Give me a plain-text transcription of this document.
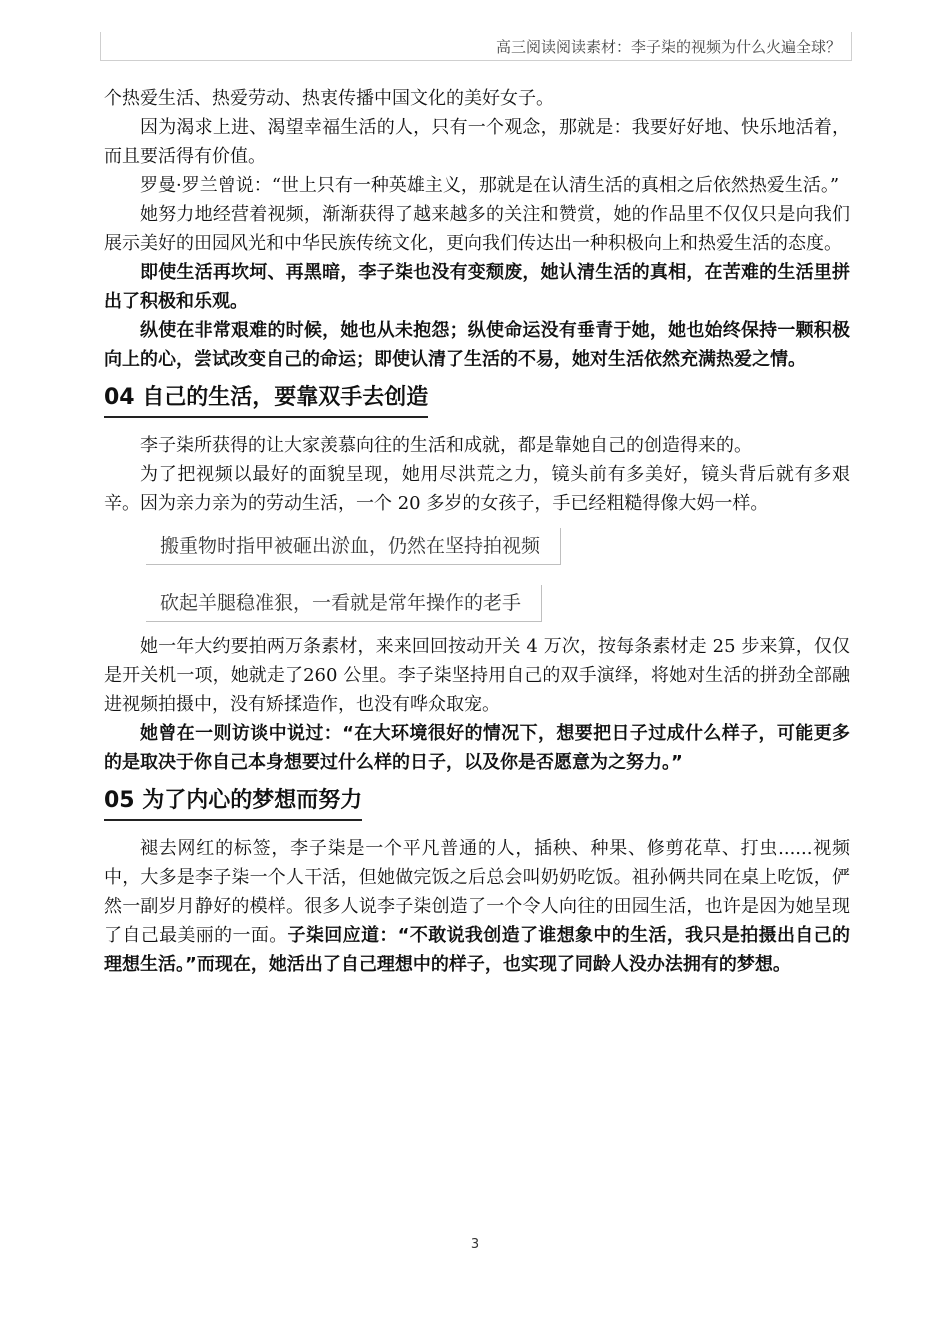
高三阅读阅读素材：李子柒的视频为什么火遍全球？

个热爱生活、热爱劳动、热衷传播中国文化的美好女子。

因为渴求上进、渴望幸福生活的人，只有一个观念，那就是：我要好好地、快乐地活着，而且要活得有价值。

罗曼·罗兰曾说：“世上只有一种英雄主义，那就是在认清生活的真相之后依然热爱生活。”

她努力地经营着视频，渐渐获得了越来越多的关注和赞赏，她的作品里不仅仅只是向我们展示美好的田园风光和中华民族传统文化，更向我们传达出一种积极向上和热爱生活的态度。

即使生活再坎坷、再黑暗，李子柒也没有变颓废，她认清生活的真相，在苦难的生活里拼出了积极和乐观。

纵使在非常艰难的时候，她也从未抱怨；纵使命运没有垂青于她，她也始终保持一颗积极向上的心，尝试改变自己的命运；即使认清了生活的不易，她对生活依然充满热爱之情。

04 自己的生活，要靠双手去创造

李子柒所获得的让大家羡慕向往的生活和成就，都是靠她自己的创造得来的。

为了把视频以最好的面貌呈现，她用尽洪荒之力，镜头前有多美好，镜头背后就有多艰辛。因为亲力亲为的劳动生活，一个 20 多岁的女孩子，手已经粗糙得像大妈一样。

搬重物时指甲被砸出淤血，仍然在坚持拍视频
砍起羊腿稳准狠，一看就是常年操作的老手

她一年大约要拍两万条素材，来来回回按动开关 4 万次，按每条素材走 25 步来算，仅仅是开关机一项，她就走了260 公里。李子柒坚持用自己的双手演绎，将她对生活的拼劲全部融进视频拍摄中，没有矫揉造作，也没有哗众取宠。

她曾在一则访谈中说过：“在大环境很好的情况下，想要把日子过成什么样子，可能更多的是取决于你自己本身想要过什么样的日子，以及你是否愿意为之努力。”

05 为了内心的梦想而努力

褪去网红的标签，李子柒是一个平凡普通的人，插秧、种果、修剪花草、打虫......视频中，大多是李子柒一个人干活，但她做完饭之后总会叫奶奶吃饭。祖孙俩共同在桌上吃饭，俨然一副岁月静好的模样。很多人说李子柒创造了一个令人向往的田园生活，也许是因为她呈现了自己最美丽的一面。子柒回应道：“不敢说我创造了谁想象中的生活，我只是拍摄出自己的理想生活。”而现在，她活出了自己理想中的样子，也实现了同龄人没办法拥有的梦想。

3
